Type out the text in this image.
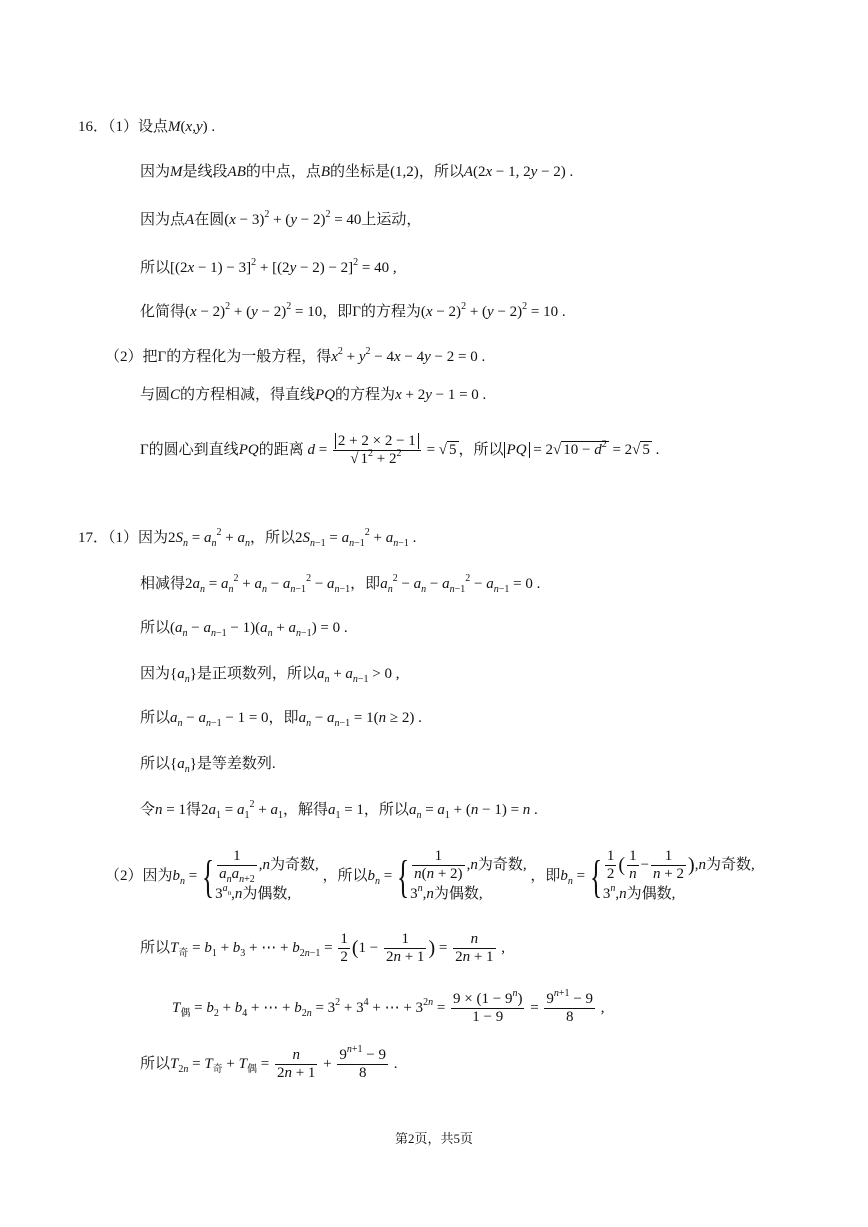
16．（1）设点M(x,y) .
因为M是线段AB的中点，点B的坐标是(1,2)，所以A(2x − 1, 2y − 2) .
因为点A在圆$(x - 3)^2 + (y - 2)^2 = 40$上运动，
所以$[(2x - 1) - 3]^2 + [(2y - 2) - 2]^2 = 40$ ,
化简得$(x - 2)^2 + (y - 2)^2 = 10$，即Γ的方程为$(x - 2)^2 + (y - 2)^2 = 10$ .
（2）把Γ的方程化为一般方程，得$x^2 + y^2 - 4x - 4y - 2 = 0$ .
与圆C的方程相减，得直线PQ的方程为x + 2y − 1 = 0 .
Γ的圆心到直线PQ的距离 $d = \frac{2 + 2 \times 2 - 1}{√ 1^2 + 2^2}$ = √ 5 ，所以 PQ = 2√ $10 - d^2 = 2√$ 5 .
17．（1）因为$2S_n = a_n^2 + a_n$，所以$2S_{n-1} = a_{n-1}^2 + a_{n-1}$ .
相减得$2a_n = a_n^2 + a_n - a_{n-1}^2 - a_{n-1}$，即$a_n^2 - a_n - a_{n-1}^2 - a_{n-1} = 0$ .
所以$(a_n - a_{n-1} - 1)(a_n + a_{n-1}) = 0$ .
因为$\{a_n\}$是正项数列，所以$a_n + a_{n-1} > 0$ ,
所以$a_n - a_{n-1} - 1 = 0$，即$a_n - a_{n-1} = 1(n \ge 2)$ .
所以$\{a_n\}$是等差数列.
令n = 1得$2a_1 = a_1^2 + a_1$，解得$a_1 = 1$，所以$a_n = a_1 + (n - 1) = n$ .
（2）因为$b_n$ = { $\frac{1}{a_na_{n+2}} ,n$为奇数,
$3^{a_n},n$为偶数,
，所以$b_n$ = { $\frac{1}{n(n + 2)} ,n$为奇数,
3$^n$,n为偶数,
，即$b_n$ = { $\frac{1}{2}$ ( $\frac{1}{n} - \frac{1}{n + 2} ),n$为奇数,
3$^n$,n为偶数,
所以$T_奇 = b_1 + b_3$ + ⋯ + $b_{2n-1} = \frac{1}{2} (1 - \frac{1}{2n + 1}$ ) = $\frac{n}{2n + 1}$ ,
$T_偶 = b_2 + b_4$ + ⋯ + $b_{2n} = 3^2 + 3^4$ + ⋯ + $3^{2n} = \frac{9 \times (1 - 9^n)}{1 - 9} = \frac{9^{n+1} - 9}{8}$ ,
所以$T_{2n} = T_奇 + T_偶 = \frac{n}{2n + 1} + \frac{9^{n+1} - 9}{8}$ .
第2页，共5页
